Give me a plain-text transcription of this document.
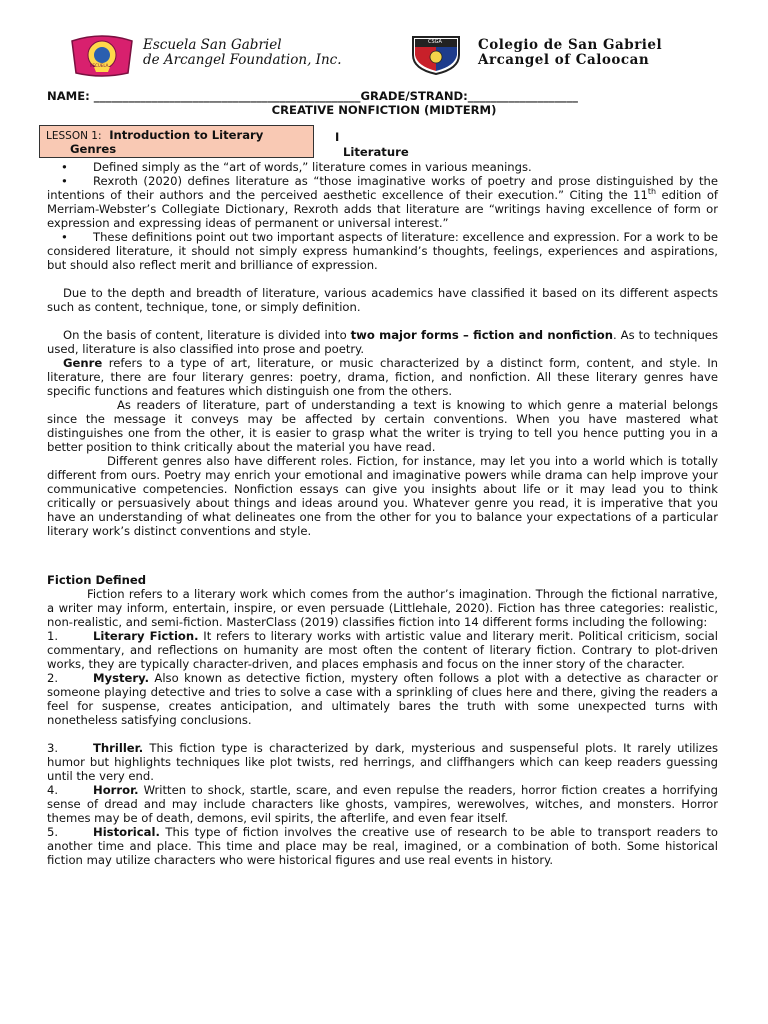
ESCUELA
Escuela San Gabriel
de Arcangel Foundation, Inc.
CSGA	Colegio de San Gabriel
Arcangel of Caloocan
NAME: ______________________________________________GRADE/STRAND:___________________
CREATIVE NONFICTION (MIDTERM)
LESSON 1: Introduction to Literary
Genres
I
Literature

• Defined simply as the “art of words,” literature comes in various meanings.

• Rexroth (2020) defines literature as “those imaginative works of poetry and prose distinguished by the intentions of their authors and the perceived aesthetic excellence of their execution.” Citing the 11th edition of Merriam-Webster’s Collegiate Dictionary, Rexroth adds that literature are “writings having excellence of form or expression and expressing ideas of permanent or universal interest.”

• These definitions point out two important aspects of literature: excellence and expression. For a work to be considered literature, it should not simply express humankind’s thoughts, feelings, experiences and aspirations, but should also reflect merit and brilliance of expression.

Due to the depth and breadth of literature, various academics have classified it based on its different aspects such as content, technique, tone, or simply definition.

On the basis of content, literature is divided into two major forms – fiction and nonfiction. As to techniques used, literature is also classified into prose and poetry.

Genre refers to a type of art, literature, or music characterized by a distinct form, content, and style. In literature, there are four literary genres: poetry, drama, fiction, and nonfiction. All these literary genres have specific functions and features which distinguish one from the others.

As readers of literature, part of understanding a text is knowing to which genre a material belongs since the message it conveys may be affected by certain conventions. When you have mastered what distinguishes one from the other, it is easier to grasp what the writer is trying to tell you hence putting you in a better position to think critically about the material you have read.

Different genres also have different roles. Fiction, for instance, may let you into a world which is totally different from ours. Poetry may enrich your emotional and imaginative powers while drama can help improve your communicative competencies. Nonfiction essays can give you insights about life or it may lead you to think critically or persuasively about things and ideas around you. Whatever genre you read, it is imperative that you have an understanding of what delineates one from the other for you to balance your expectations of a particular literary work’s distinct conventions and style.

Fiction Defined

Fiction refers to a literary work which comes from the author’s imagination. Through the fictional narrative, a writer may inform, entertain, inspire, or even persuade (Littlehale, 2020). Fiction has three categories: realistic, non-realistic, and semi-fiction. MasterClass (2019) classifies fiction into 14 different forms including the following:

1.	Literary Fiction. It refers to literary works with artistic value and literary merit. Political criticism, social commentary, and reflections on humanity are most often the content of literary fiction. Contrary to plot-driven works, they are typically character-driven, and places emphasis and focus on the inner story of the character.

2.	Mystery. Also known as detective fiction, mystery often follows a plot with a detective as character or someone playing detective and tries to solve a case with a sprinkling of clues here and there, giving the readers a feel for suspense, creates anticipation, and ultimately bares the truth with some unexpected turns with nonetheless satisfying conclusions.

3.	Thriller. This fiction type is characterized by dark, mysterious and suspenseful plots. It rarely utilizes humor but highlights techniques like plot twists, red herrings, and cliffhangers which can keep readers guessing until the very end.

4.	Horror. Written to shock, startle, scare, and even repulse the readers, horror fiction creates a horrifying sense of dread and may include characters like ghosts, vampires, werewolves, witches, and monsters. Horror themes may be of death, demons, evil spirits, the afterlife, and even fear itself.

5.	Historical. This type of fiction involves the creative use of research to be able to transport readers to another time and place. This time and place may be real, imagined, or a combination of both. Some historical fiction may utilize characters who were historical figures and use real events in history.
